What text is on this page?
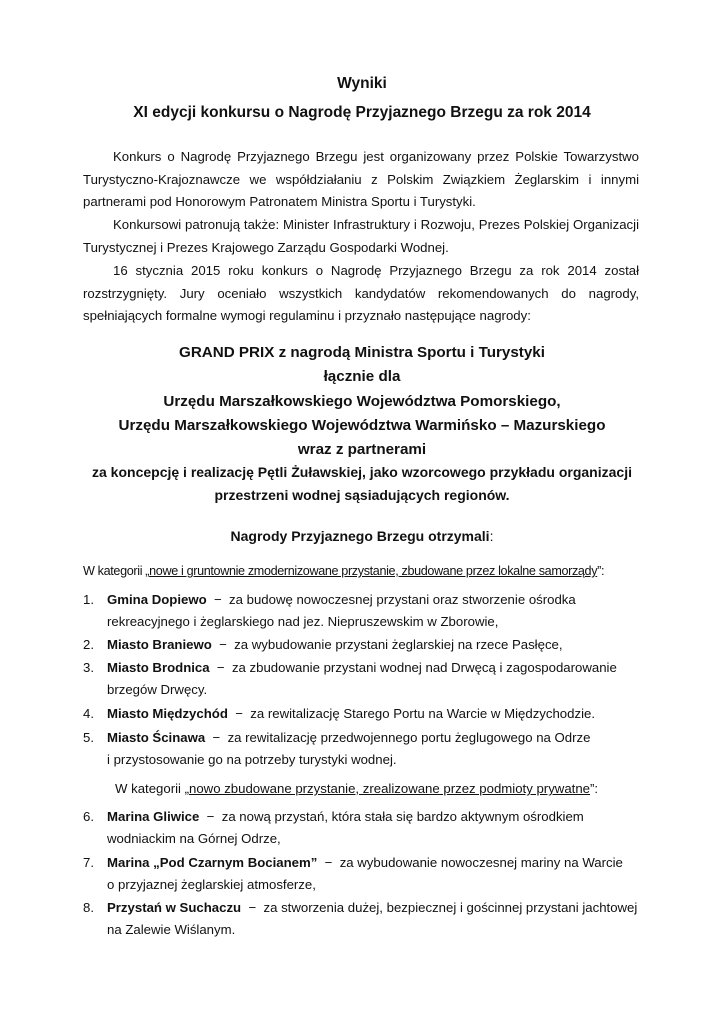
Wyniki
XI edycji konkursu o Nagrodę Przyjaznego Brzegu za rok 2014
Konkurs o Nagrodę Przyjaznego Brzegu jest organizowany przez Polskie Towarzystwo Turystyczno-Krajoznawcze we współdziałaniu z Polskim Związkiem Żeglarskim i innymi partnerami pod Honorowym Patronatem Ministra Sportu i Turystyki.
Konkursowi patronują także: Minister Infrastruktury i Rozwoju, Prezes Polskiej Organizacji Turystycznej i Prezes Krajowego Zarządu Gospodarki Wodnej.
16 stycznia 2015 roku konkurs o Nagrodę Przyjaznego Brzegu za rok 2014 został rozstrzygnięty. Jury oceniało wszystkich kandydatów rekomendowanych do nagrody, spełniających formalne wymogi regulaminu i przyznało następujące nagrody:
GRAND PRIX z nagrodą Ministra Sportu i Turystyki
łącznie dla
Urzędu Marszałkowskiego Województwa Pomorskiego,
Urzędu Marszałkowskiego Województwa Warmińsko – Mazurskiego
wraz z partnerami
za koncepcję i realizację Pętli Żuławskiej, jako wzorcowego przykładu organizacji
przestrzeni wodnej sąsiadujących regionów.
Nagrody Przyjaznego Brzegu otrzymali:
W kategorii „nowe i gruntownie zmodernizowane przystanie, zbudowane przez lokalne samorządy”:
1. Gmina Dopiewo  −  za budowę nowoczesnej przystani oraz stworzenie ośrodka
rekreacyjnego i żeglarskiego nad jez. Niepruszewskim w Zborowie,
2. Miasto Braniewo  −  za wybudowanie przystani żeglarskiej na rzece Pasłęce,
3. Miasto Brodnica  −  za zbudowanie przystani wodnej nad Drwęcą i zagospodarowanie
brzegów Drwęcy.
4. Miasto Międzychód  −  za rewitalizację Starego Portu na Warcie w Międzychodzie.
5. Miasto Ścinawa  −  za rewitalizację przedwojennego portu żeglugowego na Odrze
i przystosowanie go na potrzeby turystyki wodnej.
W kategorii „nowo zbudowane przystanie, zrealizowane przez podmioty prywatne”:
6. Marina Gliwice  −  za nową przystań, która stała się bardzo aktywnym ośrodkiem
wodniackim na Górnej Odrze,
7. Marina „Pod Czarnym Bocianem”  −  za wybudowanie nowoczesnej mariny na Warcie
o przyjaznej żeglarskiej atmosferze,
8. Przystań w Suchaczu  −  za stworzenia dużej, bezpiecznej i gościnnej przystani jachtowej
na Zalewie Wiślanym.
